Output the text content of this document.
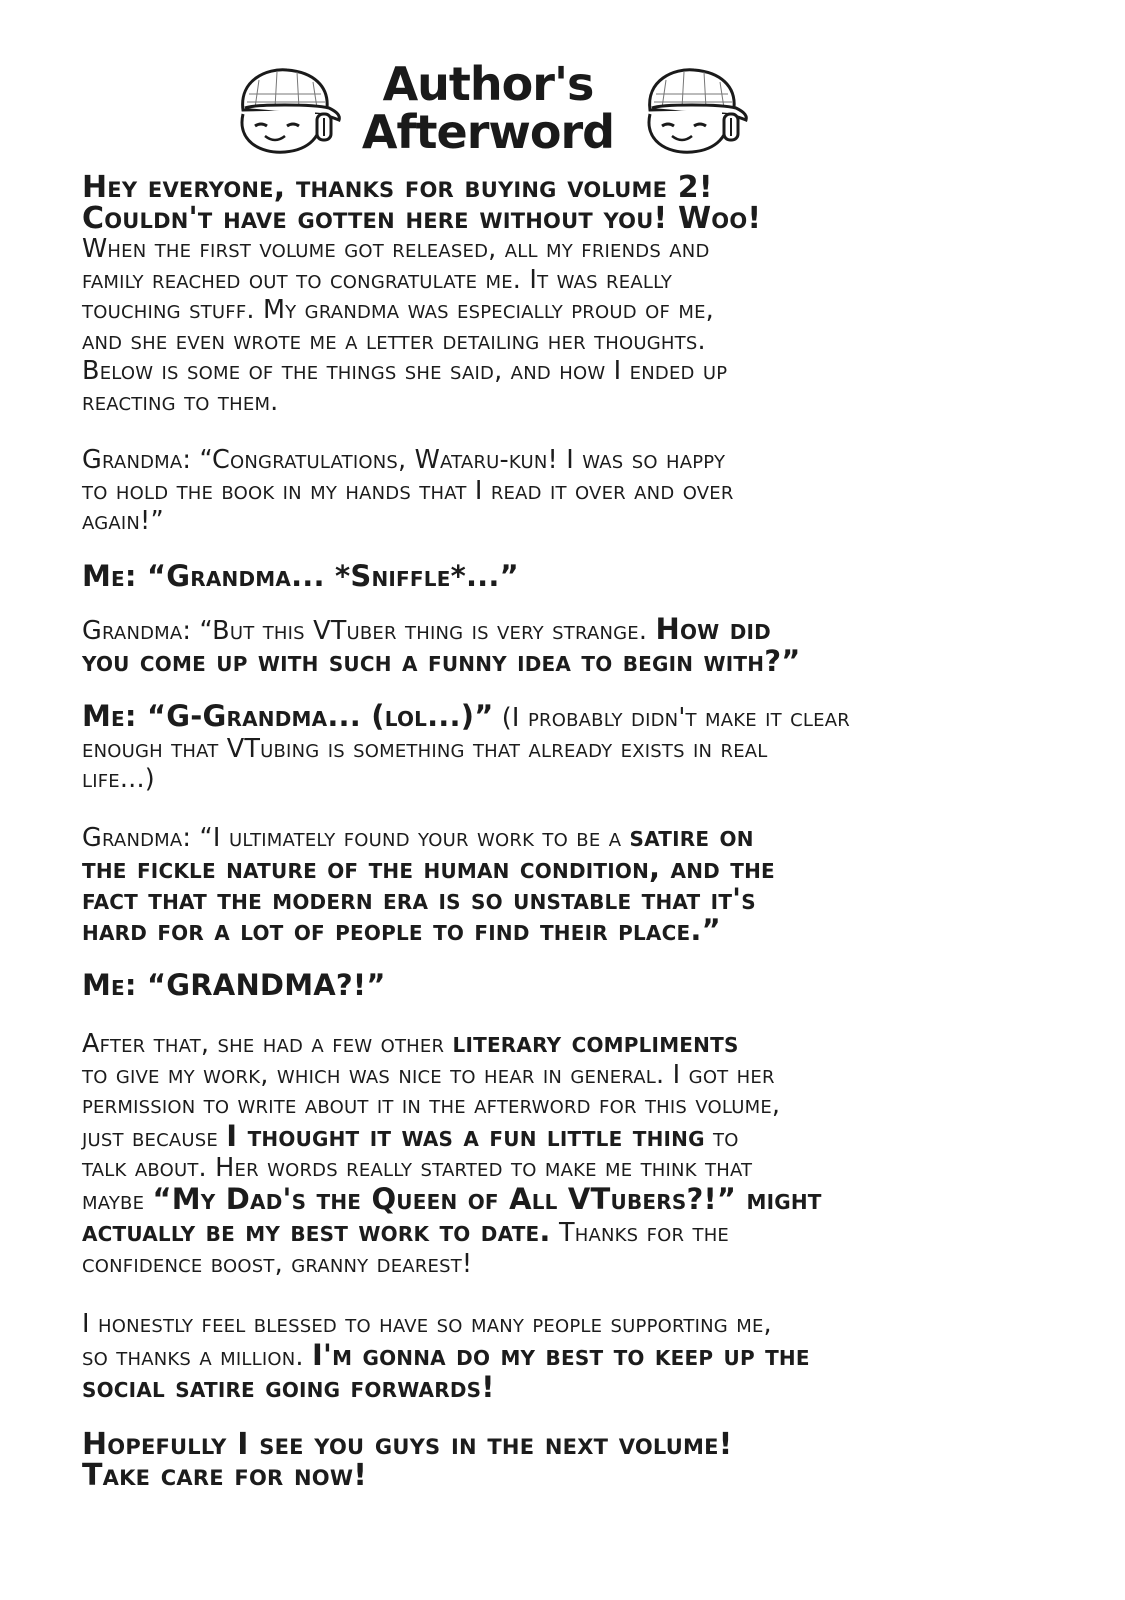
Author's
Afterword

Hey everyone, thanks for buying volume 2!

Couldn't have gotten here without you! Woo!

When the first volume got released, all my friends and

family reached out to congratulate me. It was really

touching stuff. My grandma was especially proud of me,

and she even wrote me a letter detailing her thoughts.

Below is some of the things she said, and how I ended up

reacting to them.

Grandma: “Congratulations, Wataru-kun! I was so happy

to hold the book in my hands that I read it over and over

again!”

Me: “Grandma... *Sniffle*...”

Grandma: “But this VTuber thing is very strange. How did

you come up with such a funny idea to begin with?”

Me: “G-Grandma... (lol...)” (I probably didn't make it clear

enough that VTubing is something that already exists in real

life...)

Grandma: “I ultimately found your work to be a satire on

the fickle nature of the human condition, and the

fact that the modern era is so unstable that it's

hard for a lot of people to find their place.”

Me: “GRANDMA?!”

After that, she had a few other literary compliments

to give my work, which was nice to hear in general. I got her

permission to write about it in the afterword for this volume,

just because I thought it was a fun little thing to

talk about. Her words really started to make me think that

maybe “My Dad's the Queen of All VTubers?!” might

actually be my best work to date. Thanks for the

confidence boost, granny dearest!

I honestly feel blessed to have so many people supporting me,

so thanks a million. I'm gonna do my best to keep up the

social satire going forwards!

Hopefully I see you guys in the next volume!

Take care for now!
